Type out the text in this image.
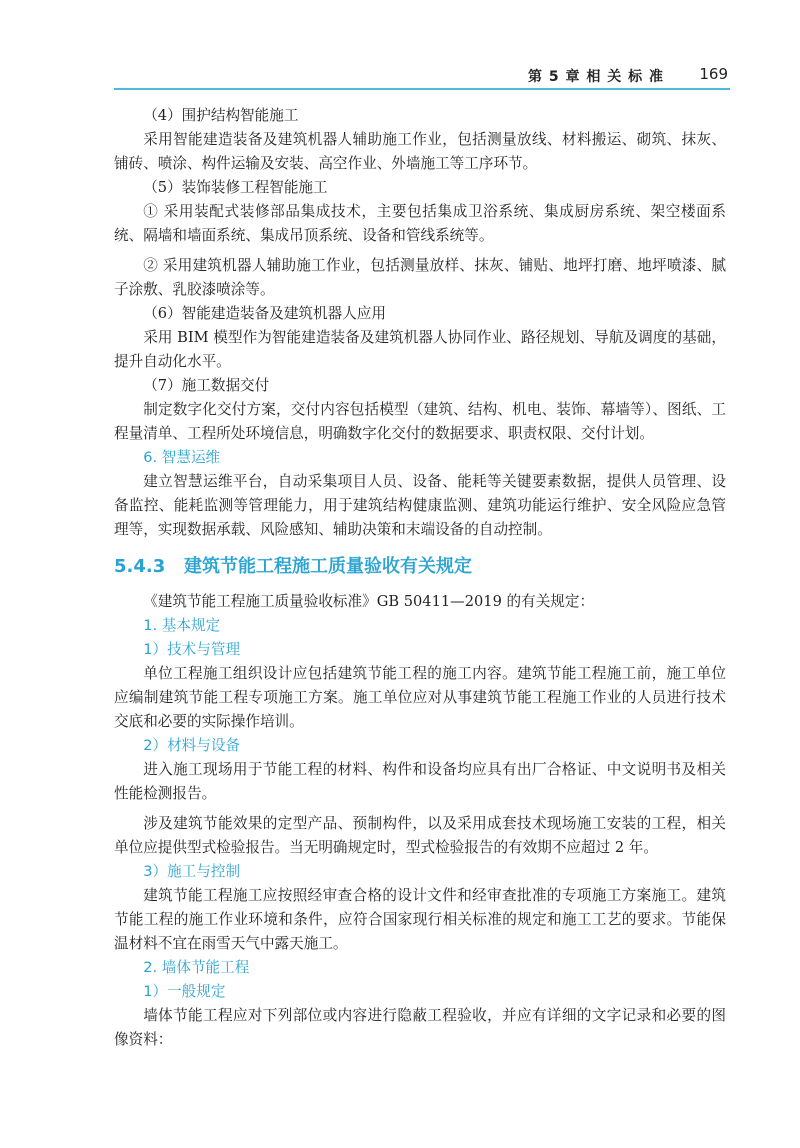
第 5 章 相 关 标 准 169
（4）围护结构智能施工
采用智能建造装备及建筑机器人辅助施工作业，包括测量放线、材料搬运、砌筑、抹灰、铺砖、喷涂、构件运输及安装、高空作业、外墙施工等工序环节。
（5）装饰装修工程智能施工
① 采用装配式装修部品集成技术，主要包括集成卫浴系统、集成厨房系统、架空楼面系统、隔墙和墙面系统、集成吊顶系统、设备和管线系统等。
② 采用建筑机器人辅助施工作业，包括测量放样、抹灰、铺贴、地坪打磨、地坪喷漆、腻子涂敷、乳胶漆喷涂等。
（6）智能建造装备及建筑机器人应用
采用 BIM 模型作为智能建造装备及建筑机器人协同作业、路径规划、导航及调度的基础，提升自动化水平。
（7）施工数据交付
制定数字化交付方案，交付内容包括模型（建筑、结构、机电、装饰、幕墙等）、图纸、工程量清单、工程所处环境信息，明确数字化交付的数据要求、职责权限、交付计划。
6. 智慧运维
建立智慧运维平台，自动采集项目人员、设备、能耗等关键要素数据，提供人员管理、设备监控、能耗监测等管理能力，用于建筑结构健康监测、建筑功能运行维护、安全风险应急管理等，实现数据承载、风险感知、辅助决策和末端设备的自动控制。
5.4.3 建筑节能工程施工质量验收有关规定
《建筑节能工程施工质量验收标准》GB 50411—2019 的有关规定：
1. 基本规定
1）技术与管理
单位工程施工组织设计应包括建筑节能工程的施工内容。建筑节能工程施工前，施工单位应编制建筑节能工程专项施工方案。施工单位应对从事建筑节能工程施工作业的人员进行技术交底和必要的实际操作培训。
2）材料与设备
进入施工现场用于节能工程的材料、构件和设备均应具有出厂合格证、中文说明书及相关性能检测报告。
涉及建筑节能效果的定型产品、预制构件，以及采用成套技术现场施工安装的工程，相关单位应提供型式检验报告。当无明确规定时，型式检验报告的有效期不应超过 2 年。
3）施工与控制
建筑节能工程施工应按照经审查合格的设计文件和经审查批准的专项施工方案施工。建筑节能工程的施工作业环境和条件，应符合国家现行相关标准的规定和施工工艺的要求。节能保温材料不宜在雨雪天气中露天施工。
2. 墙体节能工程
1）一般规定
墙体节能工程应对下列部位或内容进行隐蔽工程验收，并应有详细的文字记录和必要的图像资料：
